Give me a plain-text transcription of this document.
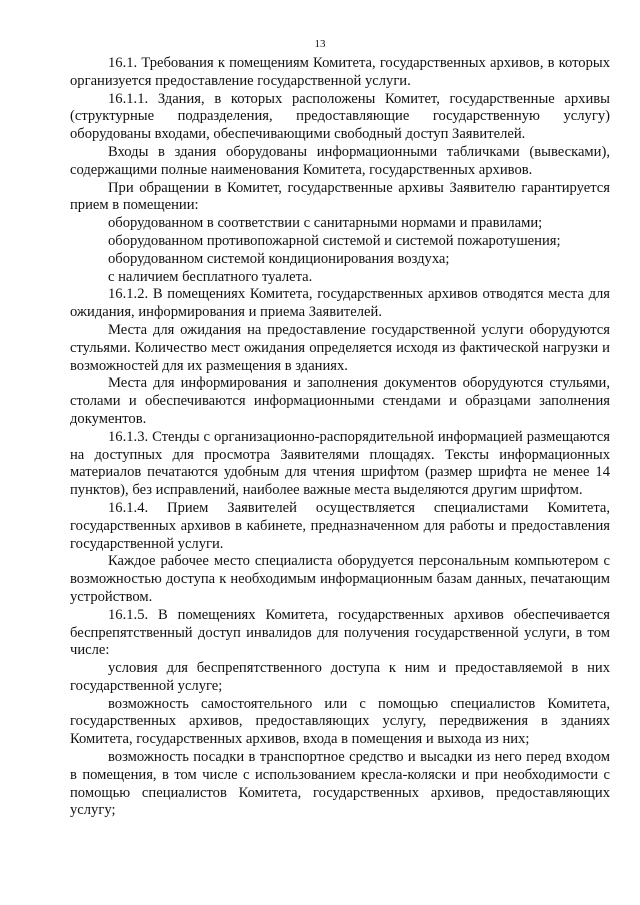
13

16.1. Требования к помещениям Комитета, государственных архивов, в которых организуется предоставление государственной услуги.

16.1.1. Здания, в которых расположены Комитет, государственные архивы (структурные подразделения, предоставляющие государственную услугу) оборудованы входами, обеспечивающими свободный доступ Заявителей.

Входы в здания оборудованы информационными табличками (вывесками), содержащими полные наименования Комитета, государственных архивов.

При обращении в Комитет, государственные архивы Заявителю гарантируется прием в помещении:

оборудованном в соответствии с санитарными нормами и правилами;

оборудованном противопожарной системой и системой пожаротушения;

оборудованном системой кондиционирования воздуха;

с наличием бесплатного туалета.

16.1.2. В помещениях Комитета, государственных архивов отводятся места для ожидания, информирования и приема Заявителей.

Места для ожидания на предоставление государственной услуги оборудуются стульями. Количество мест ожидания определяется исходя из фактической нагрузки и возможностей для их размещения в зданиях.

Места для информирования и заполнения документов оборудуются стульями, столами и обеспечиваются информационными стендами и образцами заполнения документов.

16.1.3. Стенды с организационно-распорядительной информацией размещаются на доступных для просмотра Заявителями площадях. Тексты информационных материалов печатаются удобным для чтения шрифтом (размер шрифта не менее 14 пунктов), без исправлений, наиболее важные места выделяются другим шрифтом.

16.1.4. Прием Заявителей осуществляется специалистами Комитета, государственных архивов в кабинете, предназначенном для работы и предоставления государственной услуги.

Каждое рабочее место специалиста оборудуется персональным компьютером с возможностью доступа к необходимым информационным базам данных, печатающим устройством.

16.1.5. В помещениях Комитета, государственных архивов обеспечивается беспрепятственный доступ инвалидов для получения государственной услуги, в том числе:

условия для беспрепятственного доступа к ним и предоставляемой в них государственной услуге;

возможность самостоятельного или с помощью специалистов Комитета, государственных архивов, предоставляющих услугу, передвижения в зданиях Комитета, государственных архивов, входа в помещения и выхода из них;

возможность посадки в транспортное средство и высадки из него перед входом в помещения, в том числе с использованием кресла-коляски и при необходимости с помощью специалистов Комитета, государственных архивов, предоставляющих услугу;
